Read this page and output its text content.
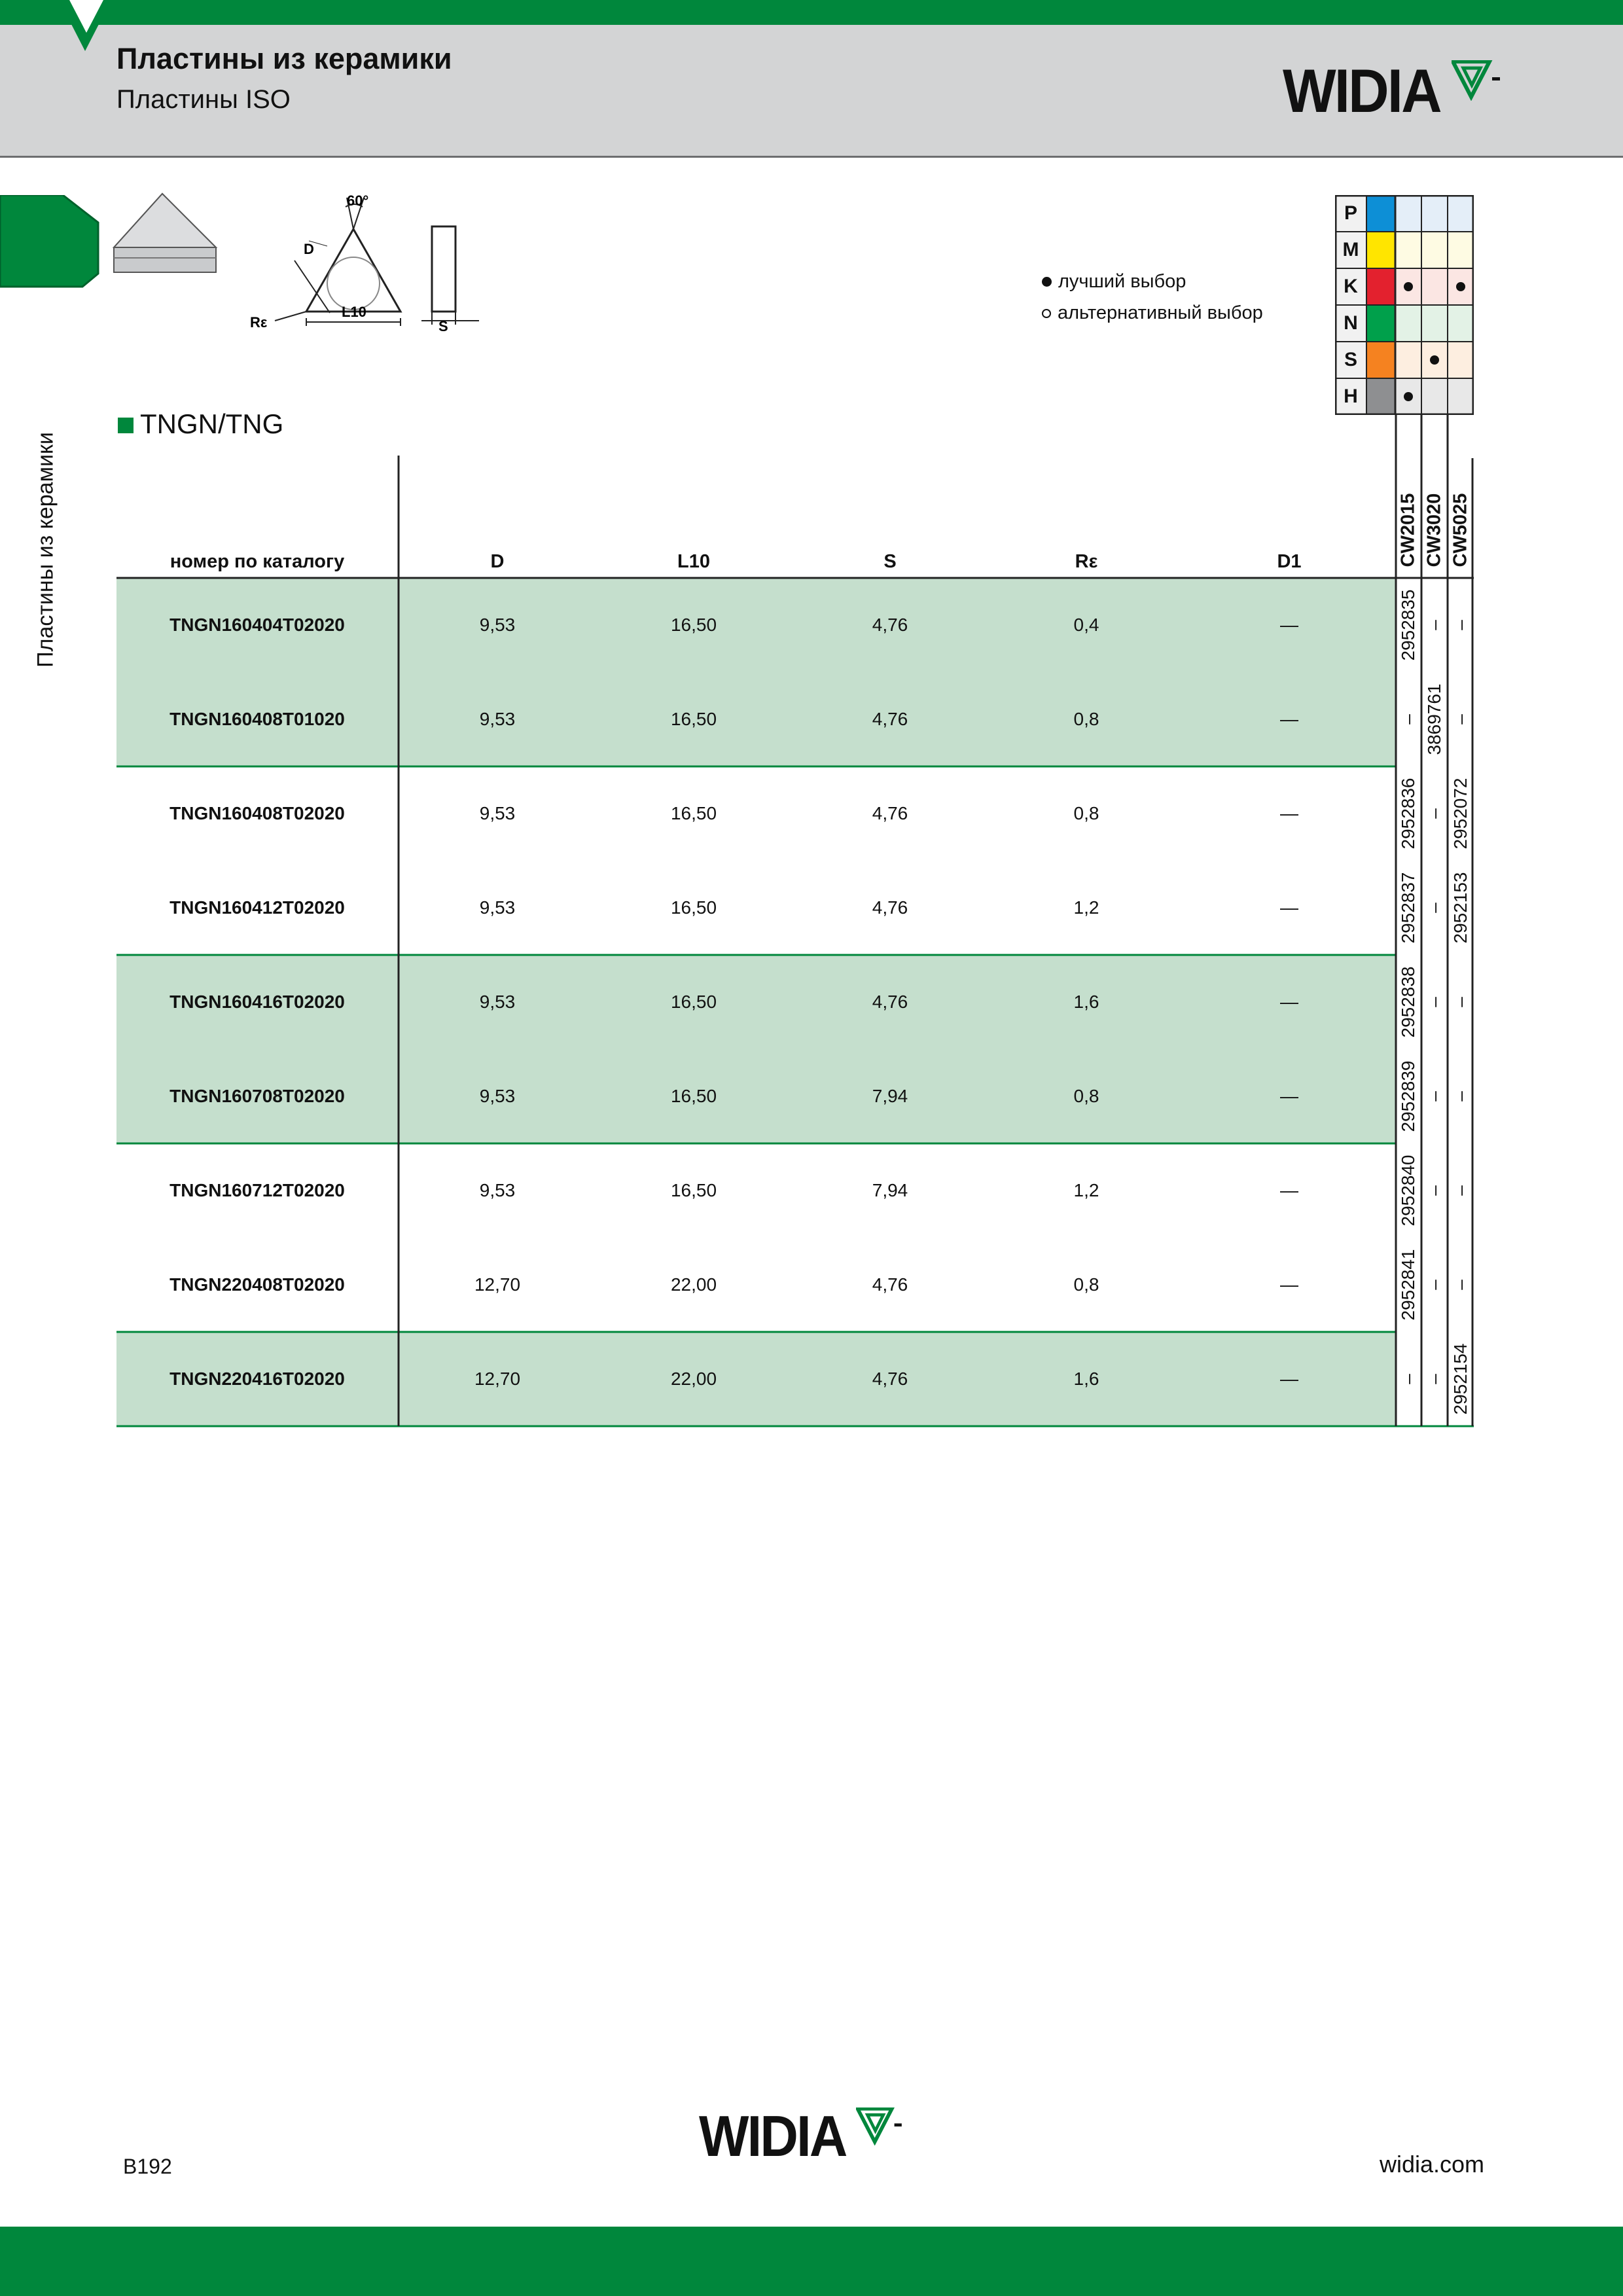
Пластины из керамики
Пластины ISO	WIDIA
Пластины из керамики
60°
D
L10
Rε	S
лучший выбор
альтернативный выбор
P
M
K
N
S
H
TNGN/TNG
номер по каталогу	D	L10	S	Rε	D1	CW2015 CW3020 CW5025
TNGN160404T02020	9,53	16,50	4,76	0,4	—	2952835 – –
TNGN160408T01020	9,53	16,50	4,76	0,8	—	– 3869761 –
TNGN160408T02020	9,53	16,50	4,76	0,8	—	2952836 – 2952072
TNGN160412T02020	9,53	16,50	4,76	1,2	—	2952837 – 2952153
TNGN160416T02020	9,53	16,50	4,76	1,6	—	2952838 – –
TNGN160708T02020	9,53	16,50	7,94	0,8	—	2952839 – –
TNGN160712T02020	9,53	16,50	7,94	1,2	—	2952840 – –
TNGN220408T02020	12,70	22,00	4,76	0,8	—	2952841 – –
TNGN220416T02020	12,70	22,00	4,76	1,6	—	– – 2952154
B192	WIDIA	widia.com
